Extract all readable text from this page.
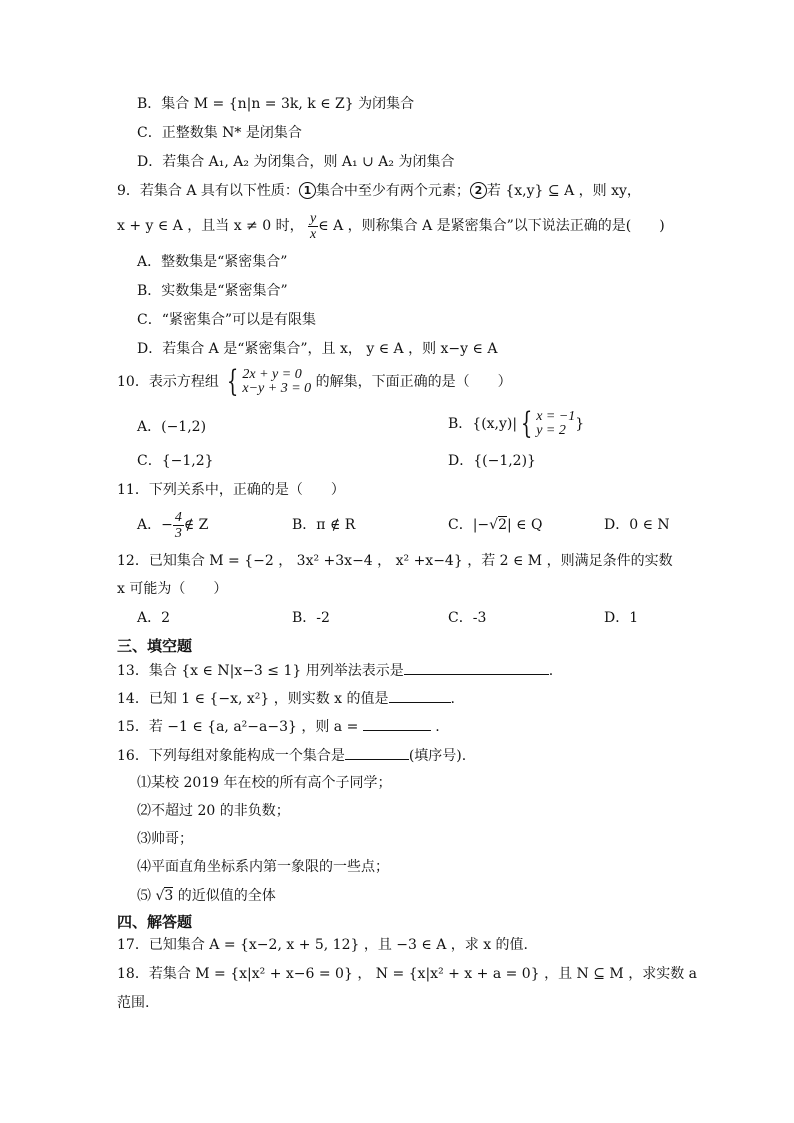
B．集合 M = {n|n = 3k, k ∈ Z} 为闭集合
C．正整数集 N* 是闭集合
D．若集合 A₁, A₂ 为闭集合，则 A₁ ∪ A₂ 为闭集合
9．若集合 A 具有以下性质： 1 集合中至少有两个元素； 2 若 {x,y} ⊆ A ，则 xy，
x + y ∈ A ，且当 x ≠ 0 时， $\frac{y}{x}$ ∈ A ，则称集合 A 是紧密集合”以下说法正确的是(　　)
A．整数集是“紧密集合”
B．实数集是“紧密集合”
C．“紧密集合”可以是有限集
D．若集合 A 是“紧密集合”，且 x， y ∈ A ，则 x−y ∈ A
10．表示方程组 { 2x + y = 0
x−y + 3 = 0 的解集，下面正确的是（　　）
A．(−1,2)	B．{(x,y)| { x = −1
y = 2 }
C．{−1,2}	D．{(−1,2)}
11．下列关系中，正确的是（　　）
A．− $\frac{4}{3}$ ∉ Z	B．π ∉ R	C．|−√2| ∈ Q	D．0 ∈ N
12．已知集合 M = {−2 ， 3x² +3x−4 ， x² +x−4} ，若 2 ∈ M ，则满足条件的实数
x 可能为（　　）
A．2	B．-2	C．-3	D．1
三、填空题
13．集合 {x ∈ N|x−3 ≤ 1} 用列举法表示是	.
14．已知 1 ∈ {−x, x²} ，则实数 x 的值是	.
15．若 −1 ∈ {a, a²−a−3} ，则 a =	.
16．下列每组对象能构成一个集合是	(填序号).
⑴某校 2019 年在校的所有高个子同学；
⑵不超过 20 的非负数；
⑶帅哥；
⑷平面直角坐标系内第一象限的一些点；
⑸ √3 的近似值的全体
四、解答题
17．已知集合 A = {x−2, x + 5, 12} ，且 −3 ∈ A ，求 x 的值.
18．若集合 M = {x|x² + x−6 = 0} ， N = {x|x² + x + a = 0} ，且 N ⊆ M ，求实数 a
范围.
